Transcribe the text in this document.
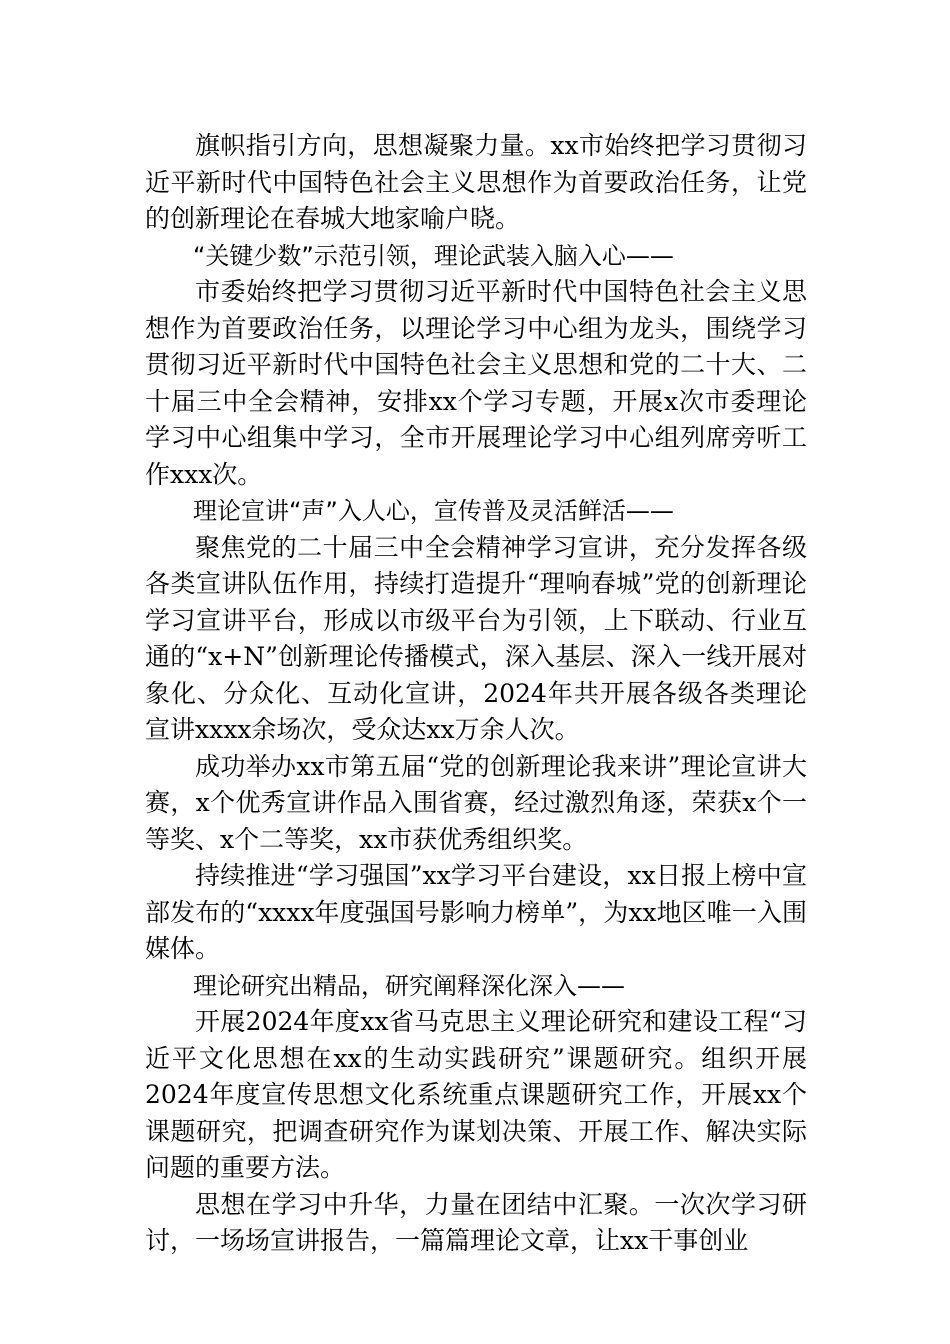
旗帜指引方向，思想凝聚力量。xx市始终把学习贯彻习近平新时代中国特色社会主义思想作为首要政治任务，让党的创新理论在春城大地家喻户晓。

“关键少数”示范引领，理论武装入脑入心——

市委始终把学习贯彻习近平新时代中国特色社会主义思想作为首要政治任务，以理论学习中心组为龙头，围绕学习贯彻习近平新时代中国特色社会主义思想和党的二十大、二十届三中全会精神，安排xx个学习专题，开展x次市委理论学习中心组集中学习，全市开展理论学习中心组列席旁听工作xxx次。

理论宣讲“声”入人心，宣传普及灵活鲜活——

聚焦党的二十届三中全会精神学习宣讲，充分发挥各级各类宣讲队伍作用，持续打造提升“理响春城”党的创新理论学习宣讲平台，形成以市级平台为引领，上下联动、行业互通的“x+N”创新理论传播模式，深入基层、深入一线开展对象化、分众化、互动化宣讲，2024年共开展各级各类理论宣讲xxxx余场次，受众达xx万余人次。

成功举办xx市第五届“党的创新理论我来讲”理论宣讲大赛，x个优秀宣讲作品入围省赛，经过激烈角逐，荣获x个一等奖、x个二等奖，xx市获优秀组织奖。

持续推进“学习强国”xx学习平台建设，xx日报上榜中宣部发布的“xxxx年度强国号影响力榜单”，为xx地区唯一入围媒体。

理论研究出精品，研究阐释深化深入——

开展2024年度xx省马克思主义理论研究和建设工程“习近平文化思想在xx的生动实践研究”课题研究。组织开展2024年度宣传思想文化系统重点课题研究工作，开展xx个课题研究，把调查研究作为谋划决策、开展工作、解决实际问题的重要方法。

思想在学习中升华，力量在团结中汇聚。一次次学习研讨，一场场宣讲报告，一篇篇理论文章，让xx干事创业
